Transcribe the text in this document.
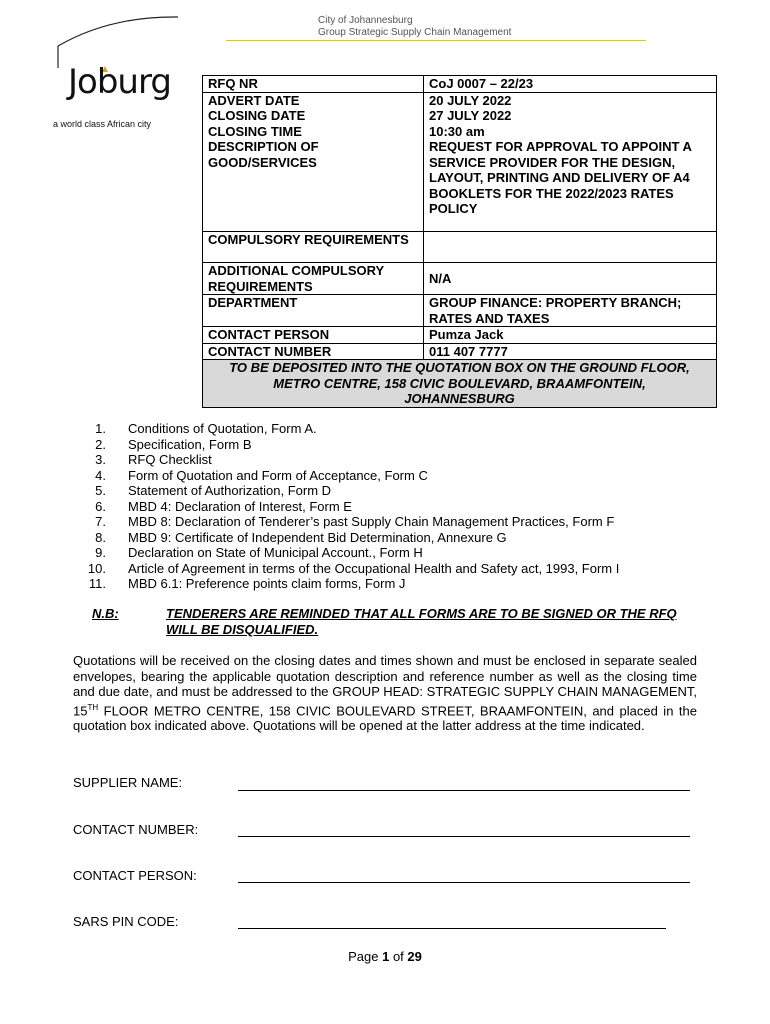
City of Johannesburg
Group Strategic Supply Chain Management
Joburg
a world class African city
RFQ NR	CoJ 0007 – 22/23
ADVERT DATE	20 JULY 2022
CLOSING DATE	27 JULY 2022
CLOSING TIME	10:30 am
DESCRIPTION OF GOOD/SERVICES	REQUEST FOR APPROVAL TO APPOINT A SERVICE PROVIDER FOR THE DESIGN, LAYOUT, PRINTING AND DELIVERY OF A4 BOOKLETS FOR THE 2022/2023 RATES POLICY
COMPULSORY REQUIREMENTS	
ADDITIONAL COMPULSORY REQUIREMENTS	N/A
DEPARTMENT	GROUP FINANCE: PROPERTY BRANCH; RATES AND TAXES
CONTACT PERSON	Pumza Jack
CONTACT NUMBER	011 407 7777
TO BE DEPOSITED INTO THE QUOTATION BOX ON THE GROUND FLOOR, METRO CENTRE, 158 CIVIC BOULEVARD, BRAAMFONTEIN, JOHANNESBURG	
1. Conditions of Quotation, Form A.
2. Specification, Form B
3. RFQ Checklist
4. Form of Quotation and Form of Acceptance, Form C
5. Statement of Authorization, Form D
6. MBD 4: Declaration of Interest, Form E
7. MBD 8: Declaration of Tenderer’s past Supply Chain Management Practices, Form F
8. MBD 9: Certificate of Independent Bid Determination, Annexure G
9. Declaration on State of Municipal Account., Form H
10. Article of Agreement in terms of the Occupational Health and Safety act, 1993, Form I
11. MBD 6.1: Preference points claim forms, Form J
N.B:	TENDERERS ARE REMINDED THAT ALL FORMS ARE TO BE SIGNED OR THE RFQ WILL BE DISQUALIFIED.
Quotations will be received on the closing dates and times shown and must be enclosed in separate sealed envelopes, bearing the applicable quotation description and reference number as well as the closing time and due date, and must be addressed to the GROUP HEAD: STRATEGIC SUPPLY CHAIN MANAGEMENT, 15TH FLOOR METRO CENTRE, 158 CIVIC BOULEVARD STREET, BRAAMFONTEIN, and placed in the quotation box indicated above. Quotations will be opened at the latter address at the time indicated.
SUPPLIER NAME:
CONTACT NUMBER:
CONTACT PERSON:
SARS PIN CODE:
Page 1 of 29
